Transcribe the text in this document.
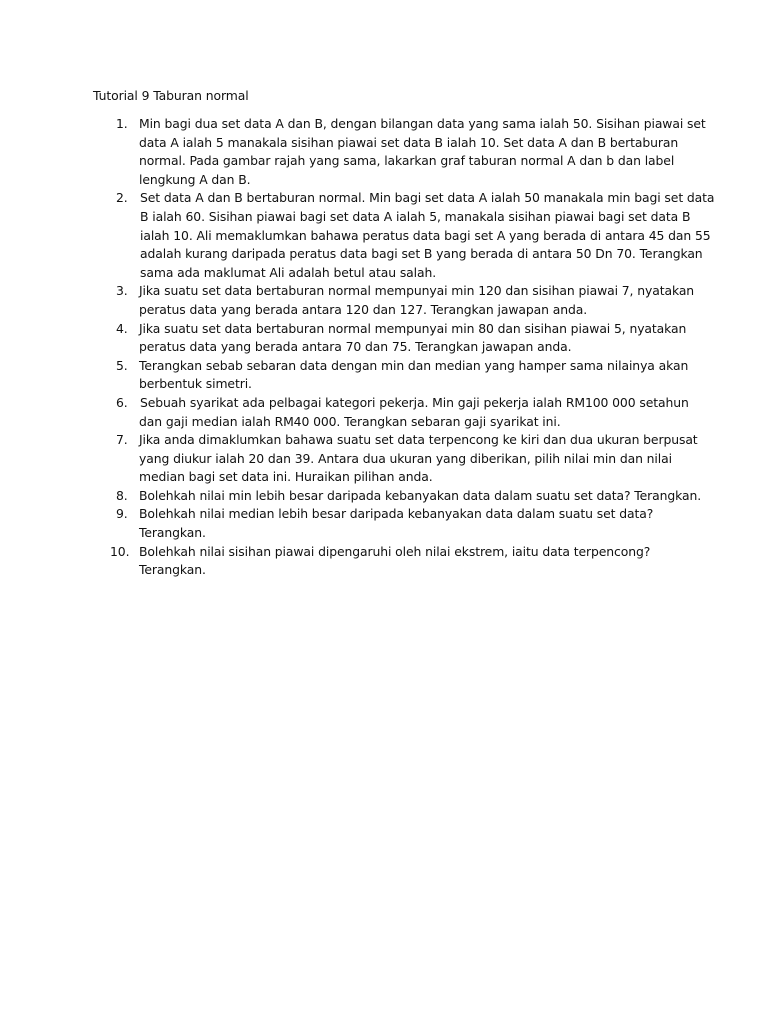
Tutorial 9 Taburan normal
1. Min bagi dua set data A dan B, dengan bilangan data yang sama ialah 50. Sisihan piawai set
data A ialah 5 manakala sisihan piawai set data B ialah 10. Set data A dan B bertaburan
normal. Pada gambar rajah yang sama, lakarkan graf taburan normal A dan b dan label
lengkung A dan B.
2. Set data A dan B bertaburan normal. Min bagi set data A ialah 50 manakala min bagi set data
B ialah 60. Sisihan piawai bagi set data A ialah 5, manakala sisihan piawai bagi set data B
ialah 10. Ali memaklumkan bahawa peratus data bagi set A yang berada di antara 45 dan 55
adalah kurang daripada peratus data bagi set B yang berada di antara 50 Dn 70. Terangkan
sama ada maklumat Ali adalah betul atau salah.
3. Jika suatu set data bertaburan normal mempunyai min 120 dan sisihan piawai 7, nyatakan
peratus data yang berada antara 120 dan 127. Terangkan jawapan anda.
4. Jika suatu set data bertaburan normal mempunyai min 80 dan sisihan piawai 5, nyatakan
peratus data yang berada antara 70 dan 75. Terangkan jawapan anda.
5. Terangkan sebab sebaran data dengan min dan median yang hamper sama nilainya akan
berbentuk simetri.
6. Sebuah syarikat ada pelbagai kategori pekerja. Min gaji pekerja ialah RM100 000 setahun
dan gaji median ialah RM40 000. Terangkan sebaran gaji syarikat ini.
7. Jika anda dimaklumkan bahawa suatu set data terpencong ke kiri dan dua ukuran berpusat
yang diukur ialah 20 dan 39. Antara dua ukuran yang diberikan, pilih nilai min dan nilai
median bagi set data ini. Huraikan pilihan anda.
8. Bolehkah nilai min lebih besar daripada kebanyakan data dalam suatu set data? Terangkan.
9. Bolehkah nilai median lebih besar daripada kebanyakan data dalam suatu set data?
Terangkan.
10. Bolehkah nilai sisihan piawai dipengaruhi oleh nilai ekstrem, iaitu data terpencong?
Terangkan.
